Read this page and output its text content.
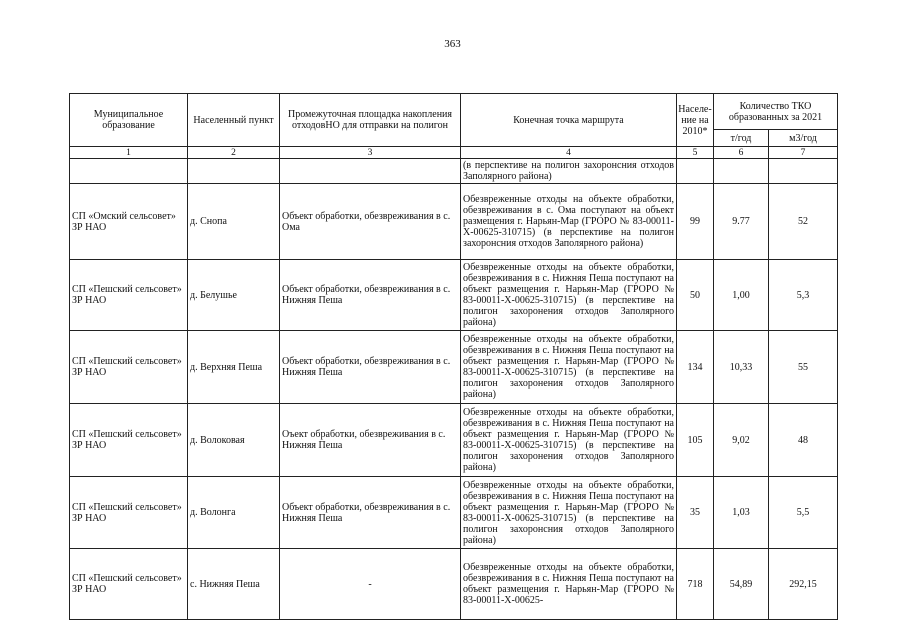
363
Муниципальное образование	Населенный пункт	Промежуточная площадка накопления отходовНО для отправки на полигон	Конечная точка маршрута	Населе-ние на 2010*	Количество ТКО образованных за 2021	
					т/год	м3/год
1	2	3	4	5	6	7
			(в перспективе на полигон захоронсния отходов Заполярного района)			
СП «Омский сельсовет» ЗР НАО	д. Снопа	Объект обработки, обезвреживания в с. Ома	Обезвреженные отходы на объекте обработки, обезвреживания в с. Ома поступают на объект размещения г. Нарьян-Мар (ГРОРО № 83-00011-Х-00625-310715) (в перспективе на полигон захоронсния отходов Заполярного района)	99	9.77	52
СП «Пешский сельсовет» ЗР НАО	д. Белушье	Объект обработки, обезвреживания в с. Нижняя Пеша	Обезвреженные отходы на объекте обработки, обезвреживания в с. Нижняя Пеша поступают на объект размещения г. Нарьян-Мар (ГРОРО № 83-00011-Х-00625-310715) (в перспективе на полигон захоронения отходов Заполярного района)	50	1,00	5,3
СП «Пешский сельсовет» ЗР НАО	д. Верхняя Пеша	Объект обработки, обезвреживания в с. Нижняя Пеша	Обезвреженные отходы на объекте обработки, обезвреживания в с. Нижняя Пеша поступают на объект размещения г. Нарьян-Мар (ГРОРО № 83-00011-Х-00625-310715) (в перспективе на полигон захоронения отходов Заполярного района)	134	10,33	55
СП «Пешский сельсовет» ЗР НАО	д. Волоковая	Оъект обработки, обезвреживания в с. Нижняя Пеша	Обезвреженные отходы на объекте обработки, обезвреживания в с. Нижняя Пеша поступают на объект размещения г. Нарьян-Мар (ГРОРО № 83-00011-Х-00625-310715) (в перспективе на полигон захоронения отходов Заполярного района)	105	9,02	48
СП «Пешский сельсовет» ЗР НАО	д. Волонга	Объект обработки, обезвреживания в с. Нижняя Пеша	Обезвреженные отходы на объекте обработки, обезвреживания в с. Нижняя Пеша поступают на объект размещения г. Нарьян-Мар (ГРОРО № 83-00011-Х-00625-310715) (в перспективе на полигон захоронсния отходов Заполярного района)	35	1,03	5,5
СП «Пешский сельсовет» ЗР НАО	с. Нижняя Пеша	-	Обезвреженные отходы на объекте обработки, обезвреживания в с. Нижняя Пеша поступают на объект размещения г. Нарьян-Мар (ГРОРО № 83-00011-Х-00625-	718	54,89	292,15
